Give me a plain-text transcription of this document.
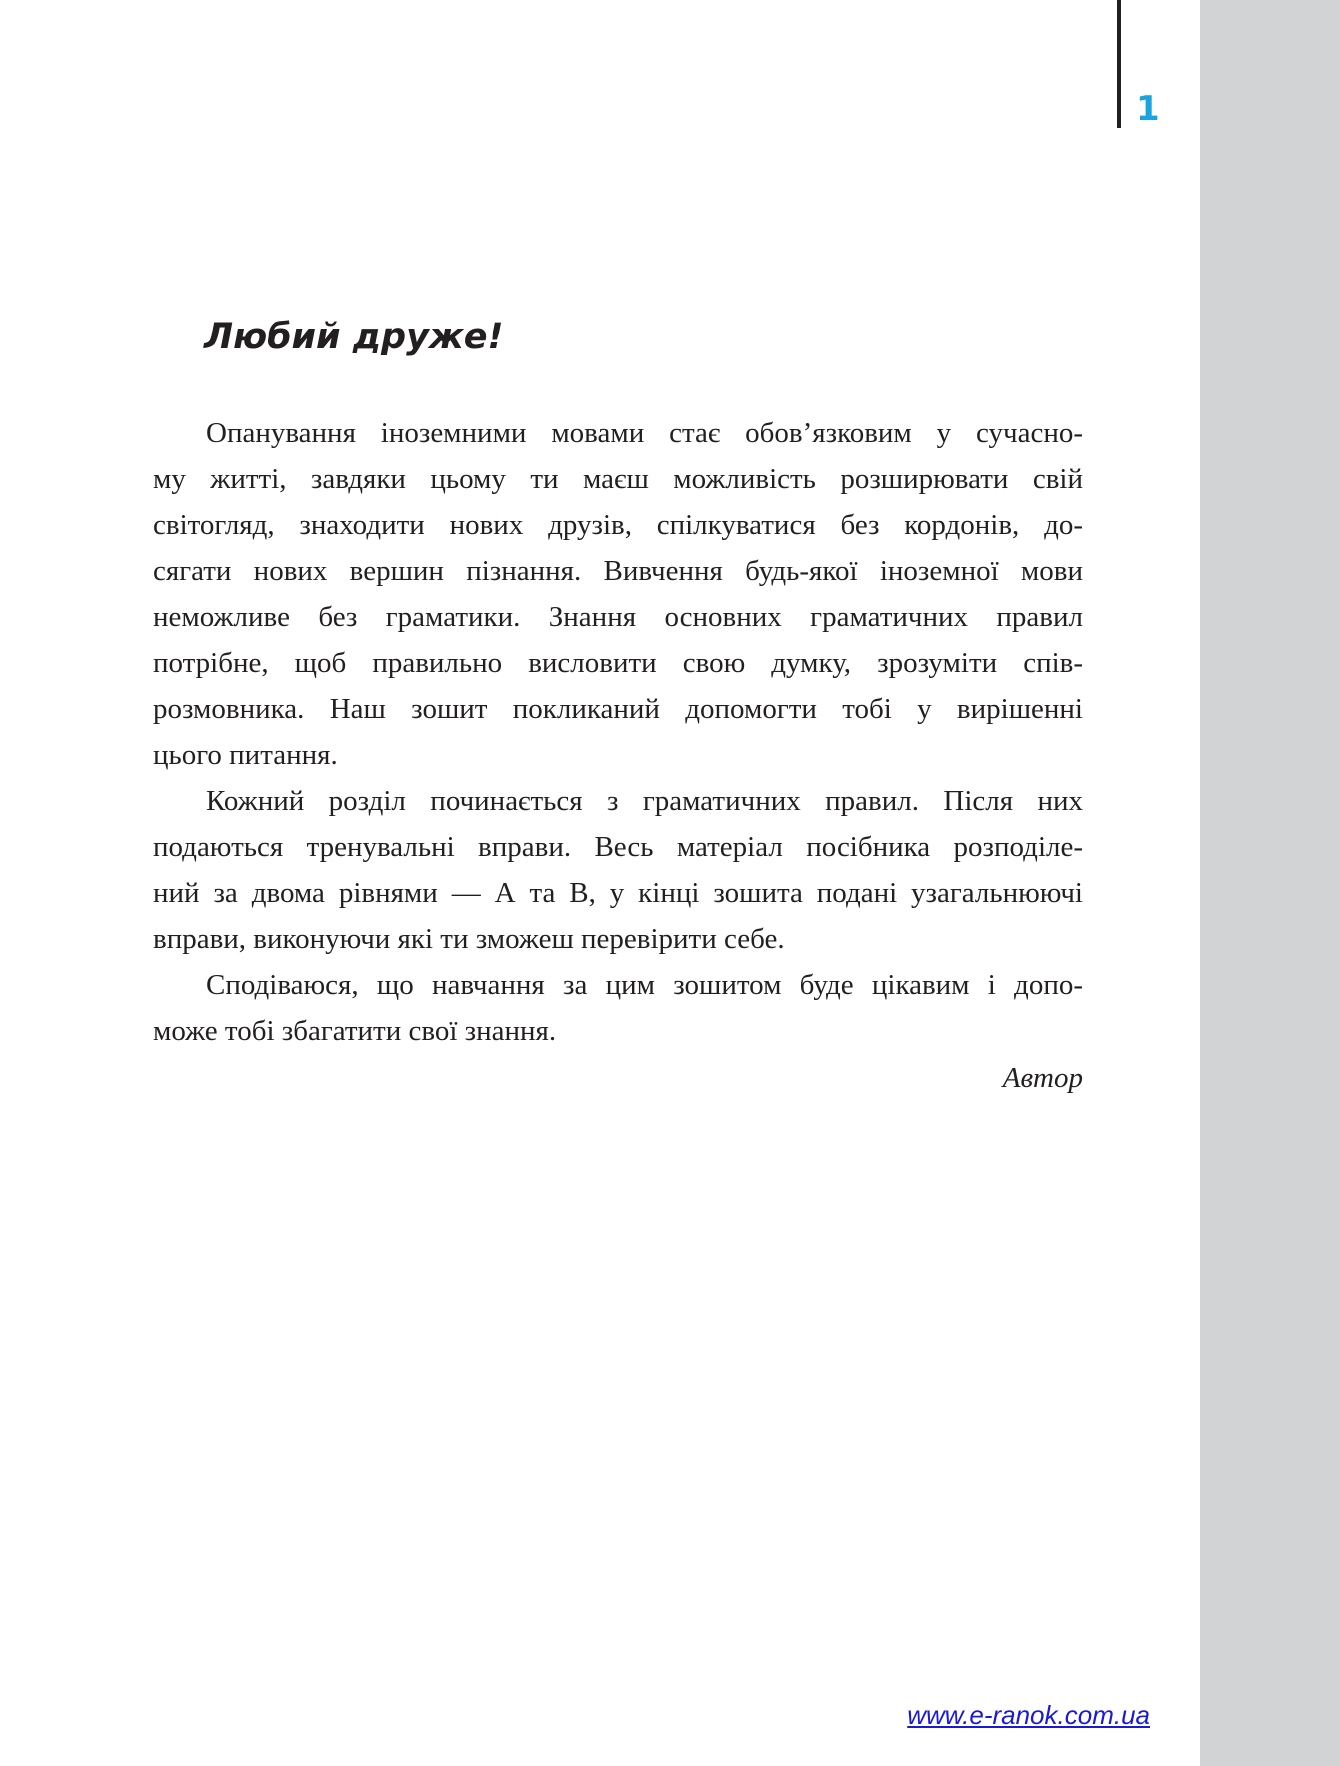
1
Любий друже!
Опанування іноземними мовами стає обов’язковим у сучасно-
му житті, завдяки цьому ти маєш можливість розширювати свій
світогляд, знаходити нових друзів, спілкуватися без кордонів, до-
сягати нових вершин пізнання. Вивчення будь-якої іноземної мови
неможливе без граматики. Знання основних граматичних правил
потрібне, щоб правильно висловити свою думку, зрозуміти спів-
розмовника. Наш зошит покликаний допомогти тобі у вирішенні
цього питання.
Кожний розділ починається з граматичних правил. Після них
подаються тренувальні вправи. Весь матеріал посібника розподіле-
ний за двома рівнями — А та В, у кінці зошита подані узагальнюючі
вправи, виконуючи які ти зможеш перевірити себе.
Сподіваюся, що навчання за цим зошитом буде цікавим і допо-
може тобі збагатити свої знання.
Автор
www.e-ranok.com.ua
